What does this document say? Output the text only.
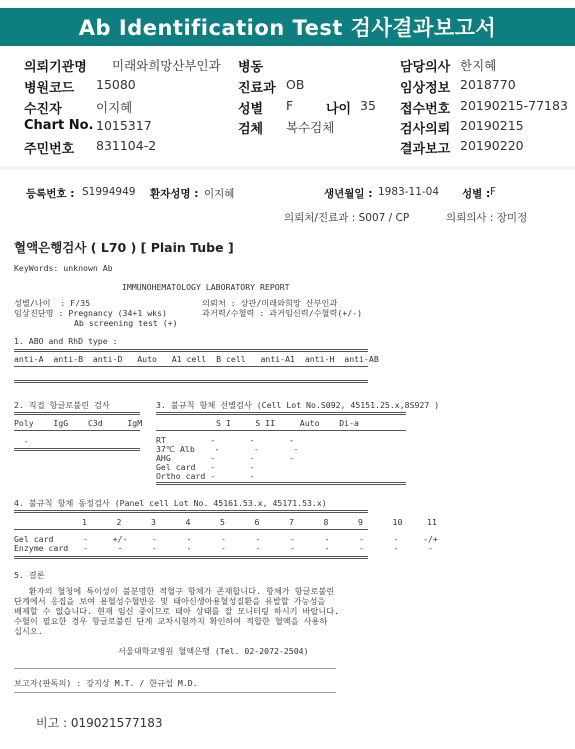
Ab Identification Test 검사결과보고서
의뢰기관명 미래와희망산부인과 병동	담당의사 한지혜
병원코드 15080	진료과 OB	임상정보 2018770
수진자	이지혜	성별 F	나이 35 접수번호 20190215-77183
Chart No. 1015317	검체 복수검체	검사의뢰 20190215
주민번호 831104-2	결과보고 20190220
등록번호 : S1994949 환자성명 : 이지혜	생년월일 : 1983-11-04 성별 : F
의뢰처/진료과 : S007 / CP	의뢰의사 : 장미정
혈액은행검사 ( L70 ) [ Plain Tube ]
KeyWords: unknown Ab
IMMUNOHEMATOLOGY LABORATORY REPORT
성별/나이  : F/35
임상진단명 : Pregnancy (34+1 wks)
Ab screening test (+)
의뢰처 : 상관/미래와희망 산부인과
과거력/수혈력 : 과거임신력/수혈력(+/-)
1. ABO and RhD type :
anti-A  anti-B  anti-D   Auto   A1 cell  B cell   anti-A1  anti-H  anti-AB
2. 직접 항글로불린 검사
Poly    IgG    C3d     IgM
-
3. 불규칙 항체 선별검사 (Cell Lot No.S092, 45151.25.x,8S927 )
S I     S II     Auto    Di-a
RT         -       -       -
37℃ Alb    -       -       -
AHG        -       -       -
Gel card   -       -
Ortho card -       -
4. 불규칙 항체 동정검사 (Panel cell Lot No. 45161.53.x, 45171.53.x)
1      2      3      4      5      6      7      8      9      10     11
Gel card      -     +/-     -      -      -      -      -      -      -      -     -/+
Enzyme card   -      -      -      -      -      -      -      -      -      -      -
5. 결론
환자의 혈청에 특이성이 불분명한 적혈구 항체가 존재합니다. 항체가 항글로불린
단계에서 응집을 보여 용혈성수혈반응 및 태아신생아용혈성질환을 유발할 가능성을
배제할 수 없습니다. 현재 임신 중이므로 태아 상태를 잘 모니터링 하시기 바랍니다.
수혈이 필요한 경우 항글로불린 단계 교차시험까지 확인하여 적합한 혈액을 사용하
십시오.
서울대학교병원 혈액은행 (Tel. 02-2072-2504)
보고자(판독의) : 강지상 M.T. / 한규섭 M.D.
비고 : 019021577183
